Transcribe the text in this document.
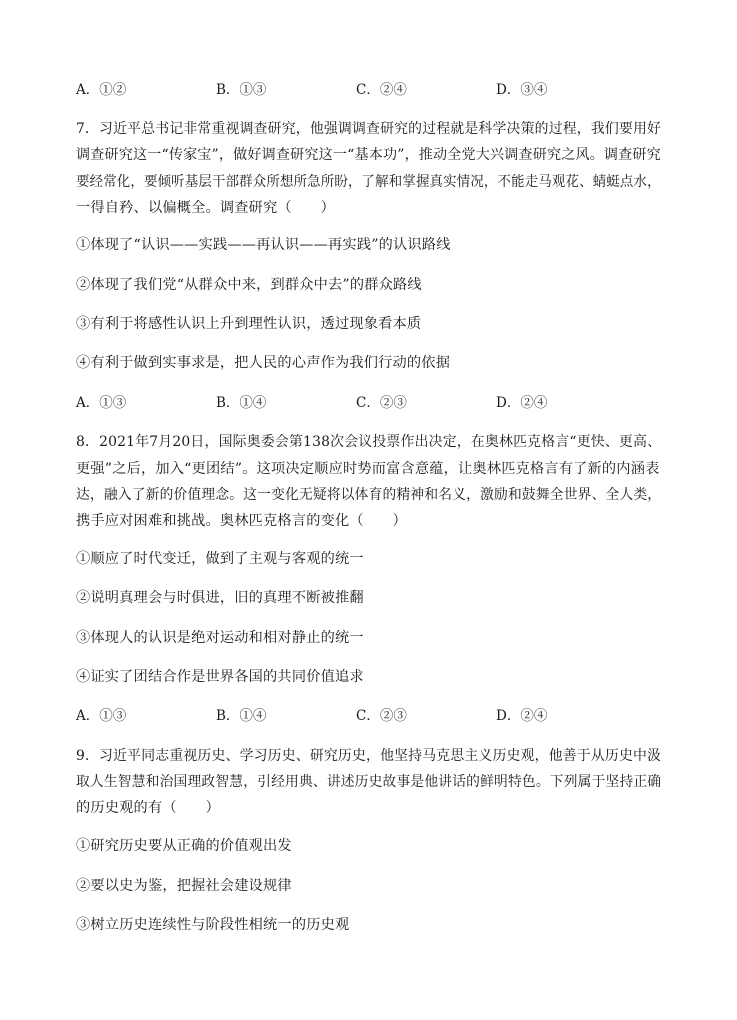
A．①②	B．①③	C．②④	D．③④
7．习近平总书记非常重视调查研究，他强调调查研究的过程就是科学决策的过程，我们要用好
调查研究这一“传家宝”，做好调查研究这一“基本功”，推动全党大兴调查研究之风。调查研究
要经常化，要倾听基层干部群众所想所急所盼，了解和掌握真实情况，不能走马观花、蜻蜓点水，
一得自矜、以偏概全。调查研究（　　）
①体现了“认识——实践——再认识——再实践”的认识路线
②体现了我们党“从群众中来，到群众中去”的群众路线
③有利于将感性认识上升到理性认识，透过现象看本质
④有利于做到实事求是，把人民的心声作为我们行动的依据
A．①③	B．①④	C．②③	D．②④
8．2021年7月20日，国际奥委会第138次会议投票作出决定，在奥林匹克格言“更快、更高、
更强”之后，加入“更团结”。这项决定顺应时势而富含意蕴，让奥林匹克格言有了新的内涵表
达，融入了新的价值理念。这一变化无疑将以体育的精神和名义，激励和鼓舞全世界、全人类，
携手应对困难和挑战。奥林匹克格言的变化（　　）
①顺应了时代变迁，做到了主观与客观的统一
②说明真理会与时俱进，旧的真理不断被推翻
③体现人的认识是绝对运动和相对静止的统一
④证实了团结合作是世界各国的共同价值追求
A．①③	B．①④	C．②③	D．②④
9．习近平同志重视历史、学习历史、研究历史，他坚持马克思主义历史观，他善于从历史中汲
取人生智慧和治国理政智慧，引经用典、讲述历史故事是他讲话的鲜明特色。下列属于坚持正确
的历史观的有（　　）
①研究历史要从正确的价值观出发
②要以史为鉴，把握社会建设规律
③树立历史连续性与阶段性相统一的历史观
